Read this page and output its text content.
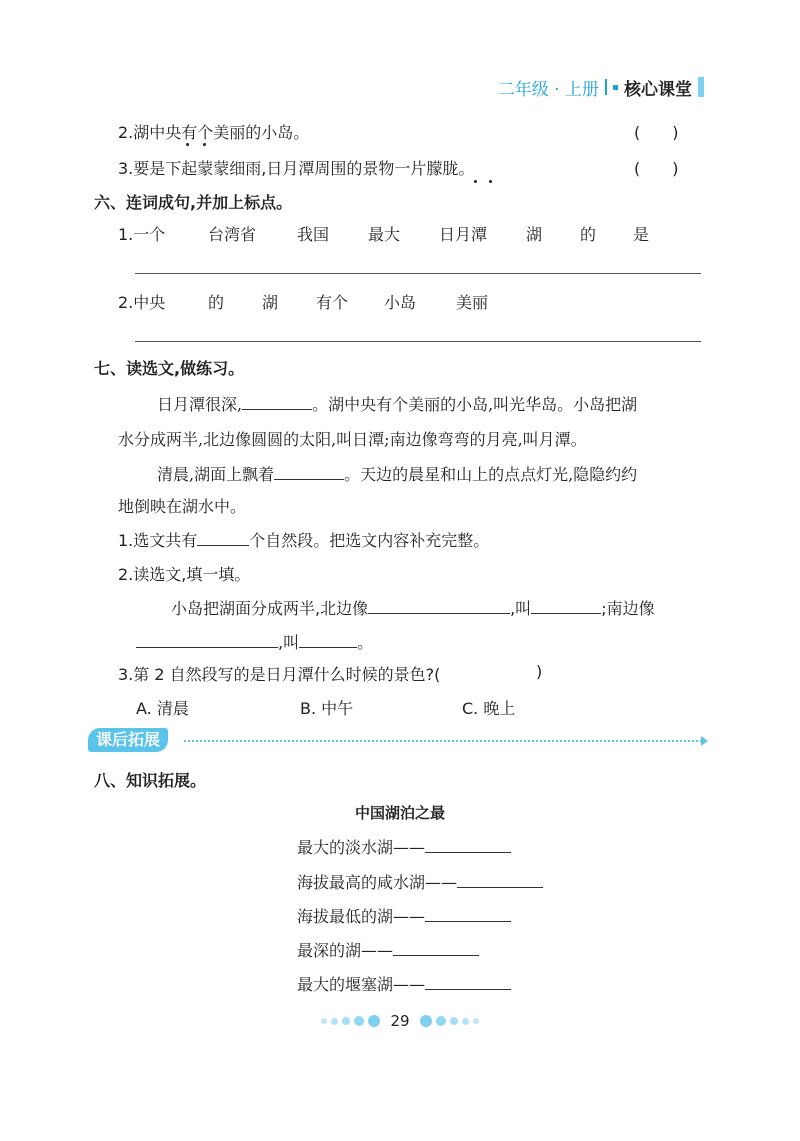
二年级 · 上册 核心课堂
2.湖中央有个美丽的小岛。	(　　)
3.要是下起蒙蒙细雨,日月潭周围的景物一片朦胧。	(　　)
六、连词成句,并加上标点。
1.一个	台湾省	我国 最大 日月潭 湖 的 是
2.中央	的 湖 有个 小岛 美丽
七、读选文,做练习。
日月潭很深,	。湖中央有个美丽的小岛,叫光华岛。小岛把湖
水分成两半,北边像圆圆的太阳,叫日潭;南边像弯弯的月亮,叫月潭。
清晨,湖面上飘着	。天边的晨星和山上的点点灯光,隐隐约约
地倒映在湖水中。
1.选文共有	个自然段。把选文内容补充完整。
2.读选文,填一填。
小岛把湖面分成两半,北边像	,叫	;南边像
,叫	。
3.第 2 自然段写的是日月潭什么时候的景色?(	)
A. 清晨	B. 中午	C. 晚上
课后拓展
八、知识拓展。
中国湖泊之最
最大的淡水湖——
海拔最高的咸水湖——
海拔最低的湖——
最深的湖——
最大的堰塞湖——
29
